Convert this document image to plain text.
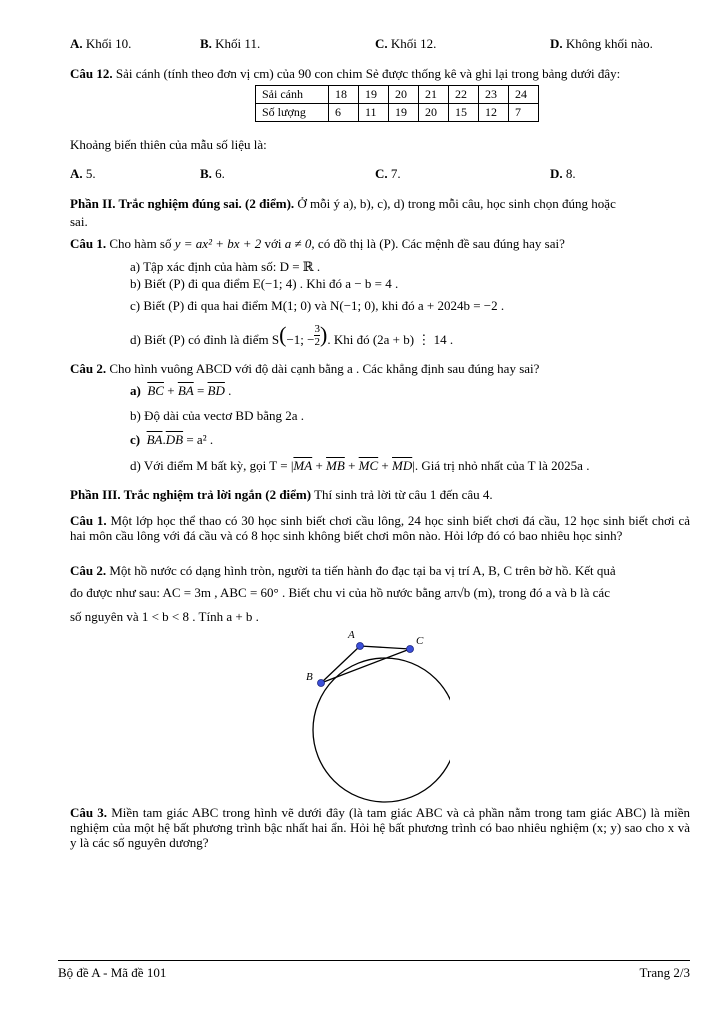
A. Khối 10.	B. Khối 11.	C. Khối 12.	D. Không khối nào.
Câu 12. Sải cánh (tính theo đơn vị cm) của 90 con chim Sẻ được thống kê và ghi lại trong bảng dưới đây:
Sải cánh	18	19	20	21	22	23	24
Số lượng	6	11	19	20	15	12	7
Khoảng biến thiên của mẫu số liệu là:
A. 5.	B. 6.	C. 7.	D. 8.
Phần II. Trắc nghiệm đúng sai. (2 điểm). Ở mỗi ý a), b), c), d) trong mỗi câu, học sinh chọn đúng hoặc
sai.
Câu 1. Cho hàm số y = ax² + bx + 2 với a ≠ 0, có đồ thị là (P). Các mệnh đề sau đúng hay sai?
a) Tập xác định của hàm số: D = ℝ .
b) Biết (P) đi qua điểm E(−1; 4) . Khi đó a − b = 4 .
c) Biết (P) đi qua hai điểm M(1; 0) và N(−1; 0), khi đó a + 2024b = −2 .
d) Biết (P) có đỉnh là điểm S(−1; − $\frac{3}{2}$ ). Khi đó (2a + b) ⋮ 14 .
Câu 2. Cho hình vuông ABCD với độ dài cạnh bằng a . Các khẳng định sau đúng hay sai?
a) $\overline{BC} + \overline{BA} = \overline{BD}$ .
b) Độ dài của vectơ BD bằng 2a .
c) $\overline{BA}.\overline{DB} = a^2$ .
d) Với điểm M bất kỳ, gọi $T = |\overline{MA} + \overline{MB} + \overline{MC} + \overline{MD}|$. Giá trị nhỏ nhất của T là 2025a .
Phần III. Trắc nghiệm trả lời ngắn (2 điểm) Thí sinh trả lời từ câu 1 đến câu 4.
Câu 1. Một lớp học thể thao có 30 học sinh biết chơi cầu lông, 24 học sinh biết chơi đá cầu, 12 học sinh biết chơi cả hai môn cầu lông với đá cầu và có 8 học sinh không biết chơi môn nào. Hỏi lớp đó có bao nhiêu học sinh?
Câu 2. Một hồ nước có dạng hình tròn, người ta tiến hành đo đạc tại ba vị trí A, B, C trên bờ hồ. Kết quả
đo được như sau: AC = 3m , ABC = 60° . Biết chu vi của hồ nước bằng aπ√b (m), trong đó a và b là các
số nguyên và 1 < b < 8 . Tính a + b .
A	C
B
Câu 3. Miền tam giác ABC trong hình vẽ dưới đây (là tam giác ABC và cả phần nằm trong tam giác ABC) là miền nghiệm của một hệ bất phương trình bậc nhất hai ẩn. Hỏi hệ bất phương trình có bao nhiêu nghiệm (x; y) sao cho x và y là các số nguyên dương?
Bộ đề A - Mã đề 101	Trang 2/3
